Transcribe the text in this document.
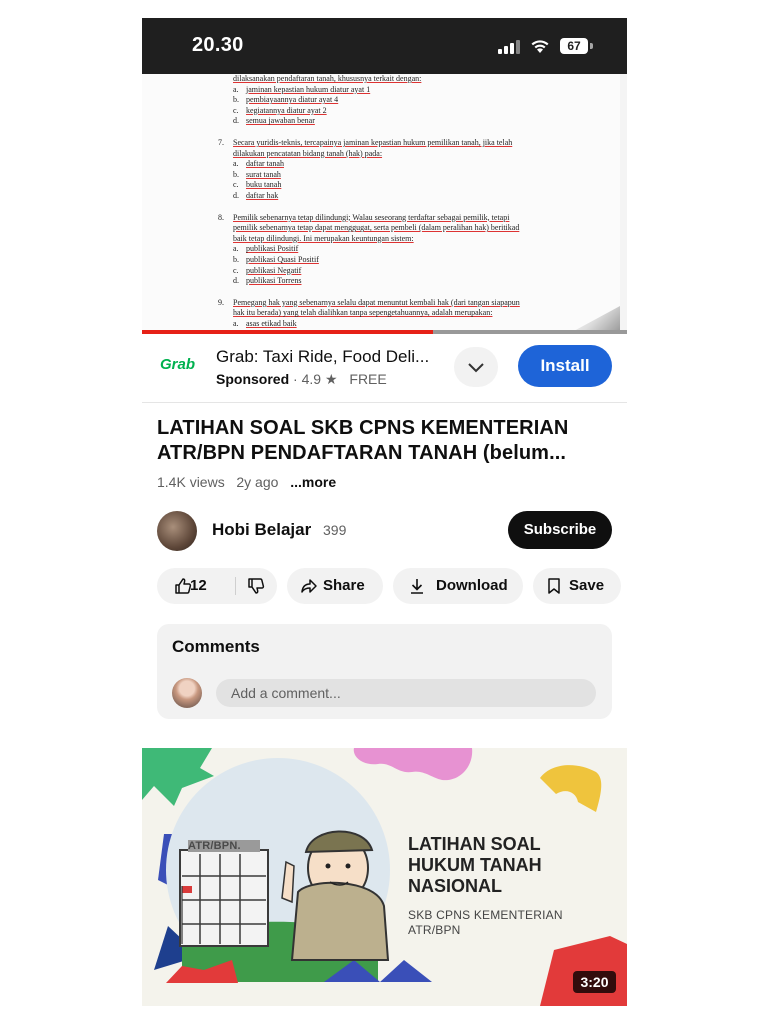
20.30	67
dilaksanakan pendaftaran tanah, khususnya terkait dengan:
a. jaminan kepastian hukum diatur ayat 1
b. pembiayaannya diatur ayat 4
c. kegiatannya diatur ayat 2
d. semua jawaban benar
7. Secara yuridis-teknis, tercapainya jaminan kepastian hukum pemilikan tanah, jika telah
dilakukan pencatatan bidang tanah (hak) pada:
a. daftar tanah
b. surat tanah
c. buku tanah
d. daftar hak
8. Pemilik sebenarnya tetap dilindungi; Walau seseorang terdaftar sebagai pemilik, tetapi
pemilik sebenarnya tetap dapat menggugat, serta pembeli (dalam peralihan hak) beritikad
baik tetap dilindungi. Ini merupakan keuntungan sistem:
a. publikasi Positif
b. publikasi Quasi Positif
c. publikasi Negatif
d. publikasi Torrens
9. Pemegang hak yang sebenarnya selalu dapat menuntut kembali hak (dari tangan siapapun
hak itu berada) yang telah dialihkan tanpa sepengetahuannya, adalah merupakan:
a. asas etikad baik
Grab Grab: Taxi Ride, Food Deli...
Sponsored · 4.9 ★ FREE
Install
LATIHAN SOAL SKB CPNS KEMENTERIAN ATR/BPN PENDAFTARAN TANAH (belum...
1.4K views 2y ago ...more
Hobi Belajar 399	Subscribe
12	Share	Download	Save
Comments
Add a comment...
ATR/BPN.	LATIHAN SOAL
HUKUM TANAH
NASIONAL
SKB CPNS KEMENTERIAN
ATR/BPN
3:20
